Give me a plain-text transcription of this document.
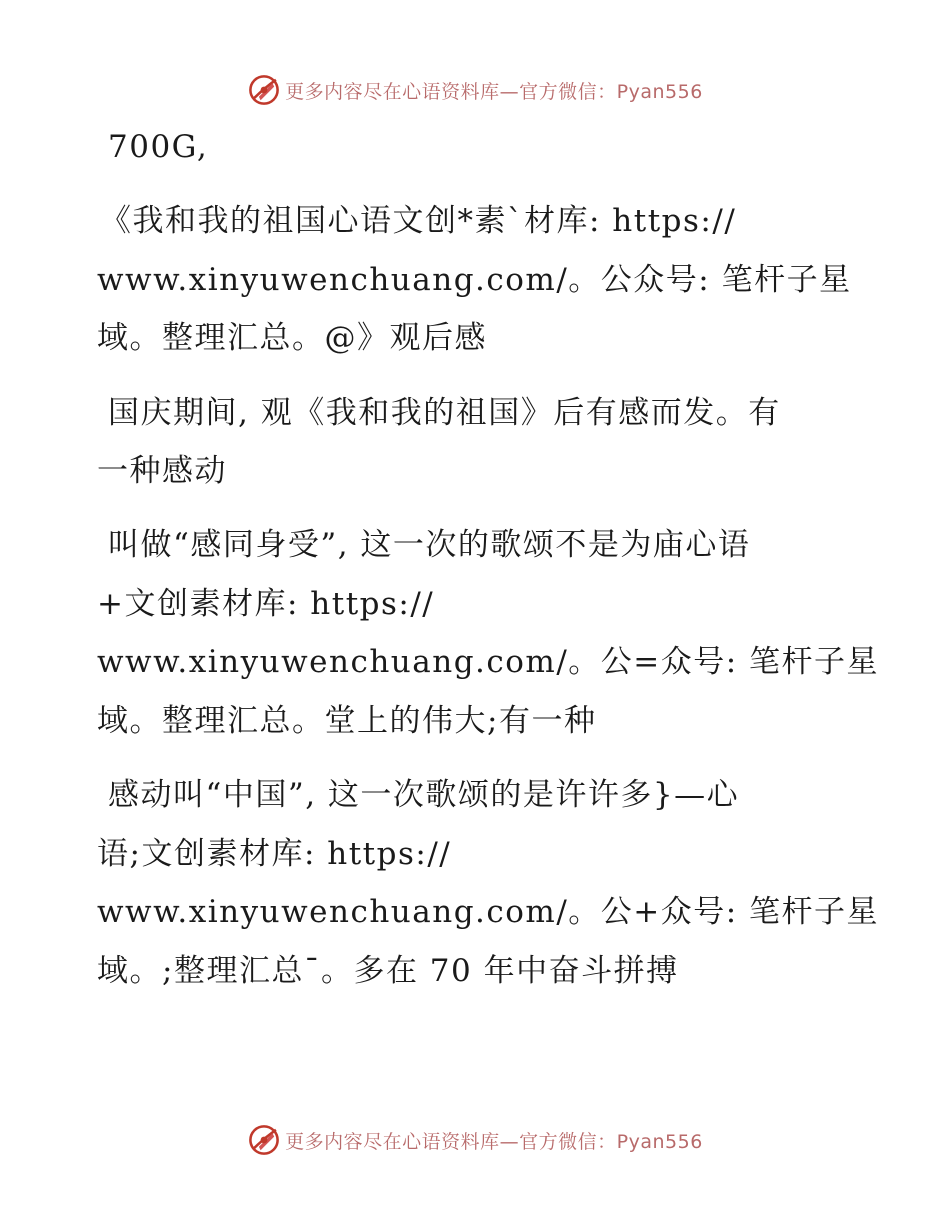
更多内容尽在心语资料库—官方微信：Pyan556
700G,
《我和我的祖国心语文创*素`材库: https://
www.xinyuwenchuang.com/。公众号: 笔杆子星
域。整理汇总。@》观后感
国庆期间, 观《我和我的祖国》后有感而发。有
一种感动
叫做“感同身受”, 这一次的歌颂不是为庙心语
+文创素材库: https://
www.xinyuwenchuang.com/。公=众号: 笔杆子星
域。整理汇总。堂上的伟大;有一种
感动叫“中国”, 这一次歌颂的是许许多}—心
语;文创素材库: https://
www.xinyuwenchuang.com/。公+众号: 笔杆子星
域。;整理汇总¯。多在 70 年中奋斗拼搏
更多内容尽在心语资料库—官方微信：Pyan556
